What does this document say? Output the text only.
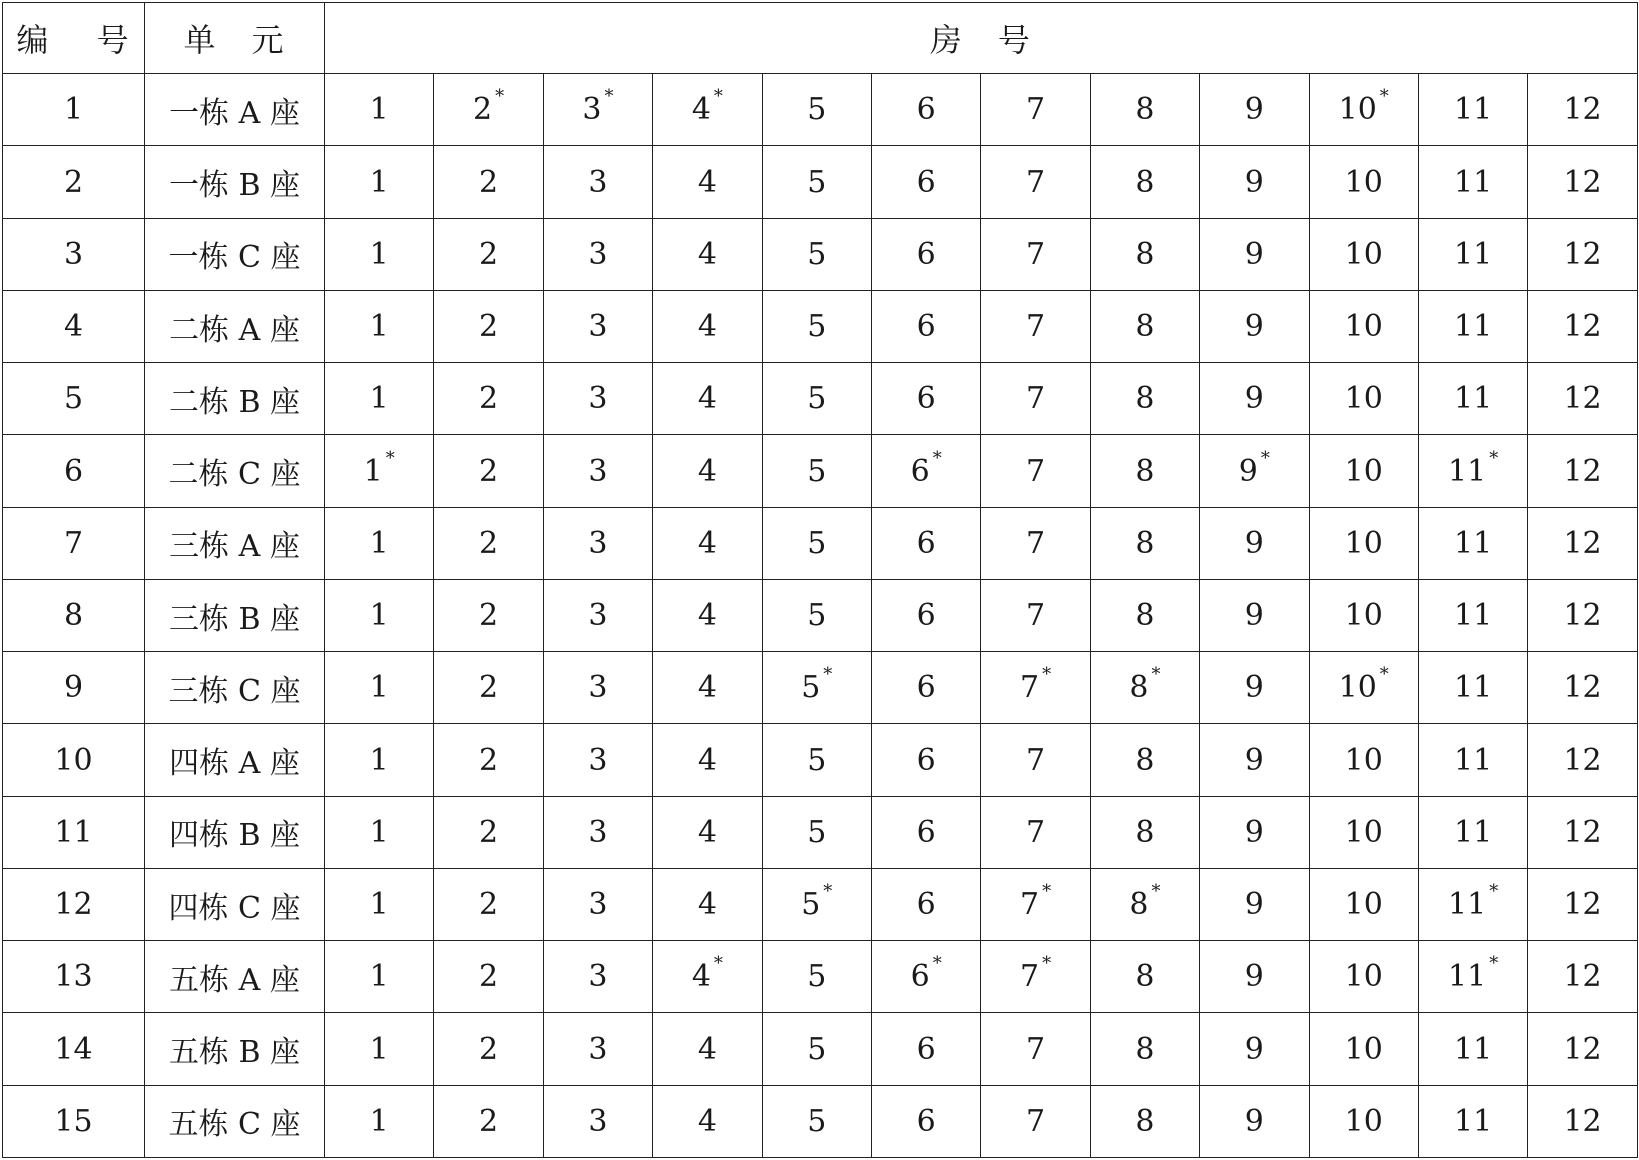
编　 号	单　元	房　号											
1	一栋 A 座	1	2 *	3 *	4 *	5	6	7	8	9	10 *	11	12
2	一栋 B 座	1	2	3	4	5	6	7	8	9	10	11	12
3	一栋 C 座	1	2	3	4	5	6	7	8	9	10	11	12
4	二栋 A 座	1	2	3	4	5	6	7	8	9	10	11	12
5	二栋 B 座	1	2	3	4	5	6	7	8	9	10	11	12
6	二栋 C 座	1 *	2	3	4	5	6 *	7	8	9 *	10	11 *	12
7	三栋 A 座	1	2	3	4	5	6	7	8	9	10	11	12
8	三栋 B 座	1	2	3	4	5	6	7	8	9	10	11	12
9	三栋 C 座	1	2	3	4	5 *	6	7 *	8 *	9	10 *	11	12
10	四栋 A 座	1	2	3	4	5	6	7	8	9	10	11	12
11	四栋 B 座	1	2	3	4	5	6	7	8	9	10	11	12
12	四栋 C 座	1	2	3	4	5 *	6	7 *	8 *	9	10	11 *	12
13	五栋 A 座	1	2	3	4 *	5	6 *	7 *	8	9	10	11 *	12
14	五栋 B 座	1	2	3	4	5	6	7	8	9	10	11	12
15	五栋 C 座	1	2	3	4	5	6	7	8	9	10	11	12
